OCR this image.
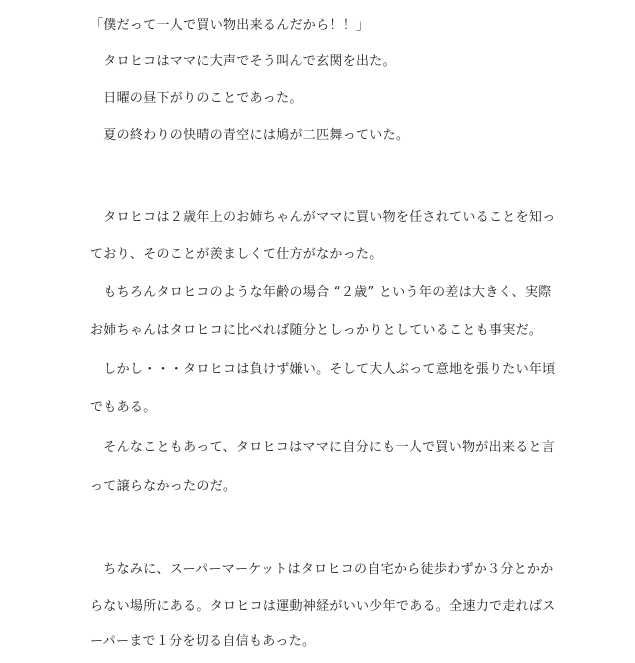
「僕だって一人で買い物出来るんだから！！」
　タロヒコはママに大声でそう叫んで玄関を出た。
　日曜の昼下がりのことであった。
　夏の終わりの快晴の青空には鳩が二匹舞っていた。
　タロヒコは２歳年上のお姉ちゃんがママに買い物を任されていることを知っ
ており、そのことが羨ましくて仕方がなかった。
　もちろんタロヒコのような年齢の場合 “２歳” という年の差は大きく、実際
お姉ちゃんはタロヒコに比べれば随分としっかりとしていることも事実だ。
　しかし・・・タロヒコは負けず嫌い。そして大人ぶって意地を張りたい年頃
でもある。
　そんなこともあって、タロヒコはママに自分にも一人で買い物が出来ると言
って譲らなかったのだ。
　ちなみに、スーパーマーケットはタロヒコの自宅から徒歩わずか３分とかか
らない場所にある。タロヒコは運動神経がいい少年である。全速力で走ればス
ーパーまで１分を切る自信もあった。
